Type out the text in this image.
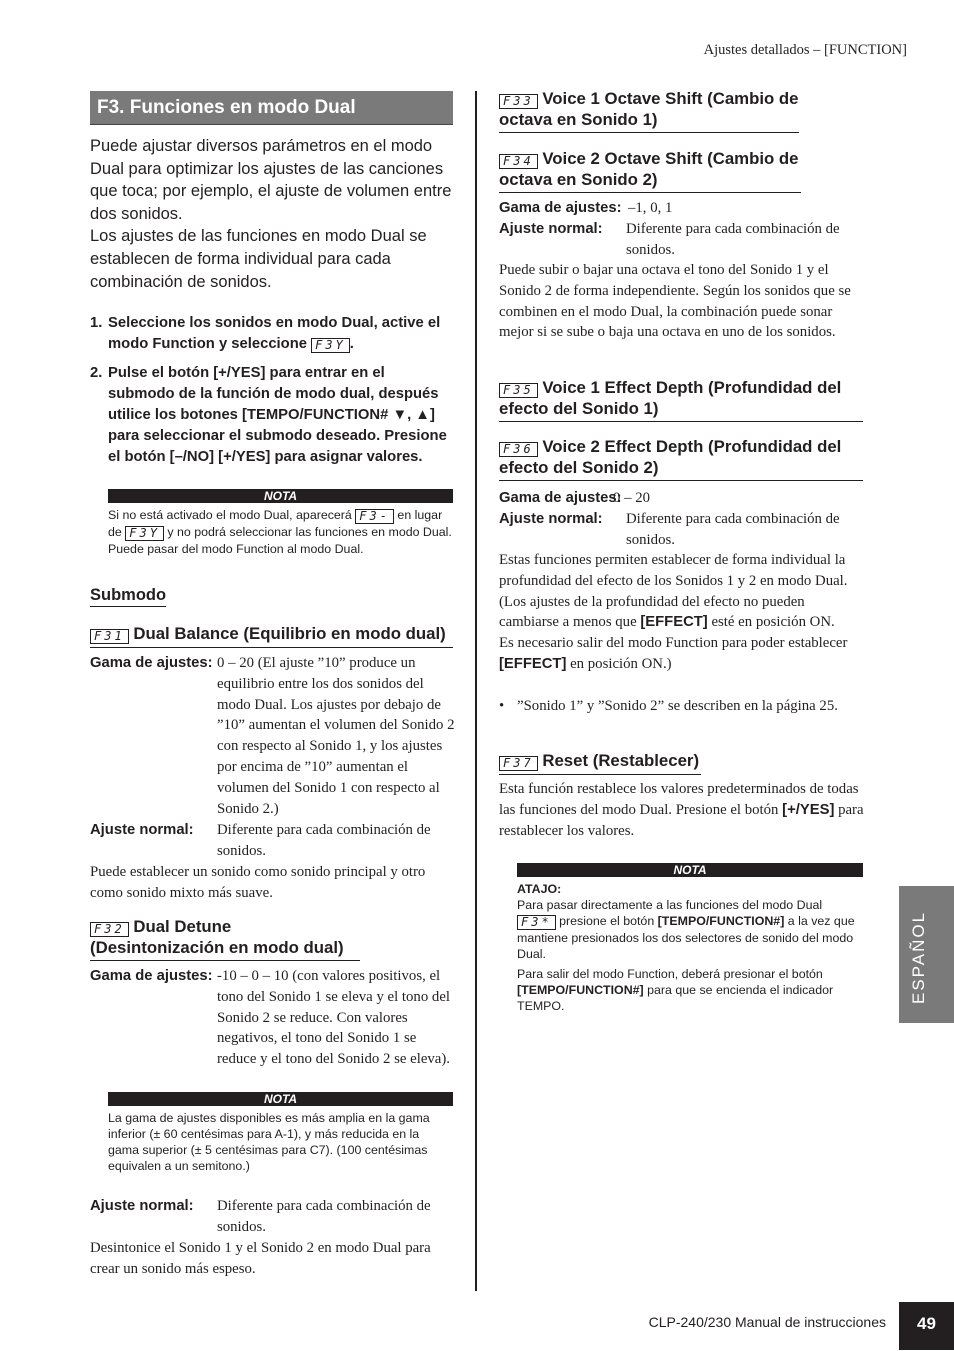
Ajustes detallados – [FUNCTION]
F3. Funciones en modo Dual

Puede ajustar diversos parámetros en el modo Dual para optimizar los ajustes de las canciones que toca; por ejemplo, el ajuste de volumen entre dos sonidos.

Los ajustes de las funciones en modo Dual se establecen de forma individual para cada combinación de sonidos.

1. Seleccione los sonidos en modo Dual, active el modo Function y seleccione F3Y .
2. Pulse el botón [+/YES] para entrar en el submodo de la función de modo dual, después utilice los botones [TEMPO/FUNCTION# ▼, ▲] para seleccionar el submodo deseado. Presione el botón [–/NO] [+/YES] para asignar valores.
NOTA
Si no está activado el modo Dual, aparecerá F3- en lugar de F3Y y no podrá seleccionar las funciones en modo Dual. Puede pasar del modo Function al modo Dual.
Submodo
F31 Dual Balance (Equilibrio en modo dual)
Gama de ajustes: 0 – 20 (El ajuste ”10” produce un equilibrio entre los dos sonidos del modo Dual. Los ajustes por debajo de ”10” aumentan el volumen del Sonido 2 con respecto al Sonido 1, y los ajustes por encima de ”10” aumentan el volumen del Sonido 1 con respecto al Sonido 2.)
Ajuste normal: Diferente para cada combinación de sonidos.
Puede establecer un sonido como sonido principal y otro como sonido mixto más suave.
F32 Dual Detune
(Desintonización en modo dual)
Gama de ajustes: -10 – 0 – 10 (con valores positivos, el tono del Sonido 1 se eleva y el tono del Sonido 2 se reduce. Con valores negativos, el tono del Sonido 1 se reduce y el tono del Sonido 2 se eleva).
NOTA
La gama de ajustes disponibles es más amplia en la gama inferior (± 60 centésimas para A-1), y más reducida en la gama superior (± 5 centésimas para C7). (100 centésimas equivalen a un semitono.)
Ajuste normal: Diferente para cada combinación de sonidos.
Desintonice el Sonido 1 y el Sonido 2 en modo Dual para crear un sonido más espeso.
F33 Voice 1 Octave Shift (Cambio de octava en Sonido 1)
F34 Voice 2 Octave Shift (Cambio de octava en Sonido 2)
Gama de ajustes: –1, 0, 1
Ajuste normal: Diferente para cada combinación de sonidos.
Puede subir o bajar una octava el tono del Sonido 1 y el Sonido 2 de forma independiente. Según los sonidos que se combinen en el modo Dual, la combinación puede sonar mejor si se sube o baja una octava en uno de los sonidos.
F35 Voice 1 Effect Depth (Profundidad del efecto del Sonido 1)
F36 Voice 2 Effect Depth (Profundidad del efecto del Sonido 2)
Gama de ajustes:
0 – 20
Ajuste normal: Diferente para cada combinación de sonidos.

Estas funciones permiten establecer de forma individual la profundidad del efecto de los Sonidos 1 y 2 en modo Dual. (Los ajustes de la profundidad del efecto no pueden cambiarse a menos que [EFFECT] esté en posición ON.

Es necesario salir del modo Function para poder establecer [EFFECT] en posición ON.)

• ”Sonido 1” y ”Sonido 2” se describen en la página 25.
F37 Reset (Restablecer)
Esta función restablece los valores predeterminados de todas las funciones del modo Dual. Presione el botón [+/YES] para restablecer los valores.
NOTA

ATAJO:

Para pasar directamente a las funciones del modo Dual F3* presione el botón [TEMPO/FUNCTION#] a la vez que mantiene presionados los dos selectores de sonido del modo Dual.

Para salir del modo Function, deberá presionar el botón [TEMPO/FUNCTION#] para que se encienda el indicador TEMPO.

ESPAÑOL
CLP-240/230 Manual de instrucciones	49
